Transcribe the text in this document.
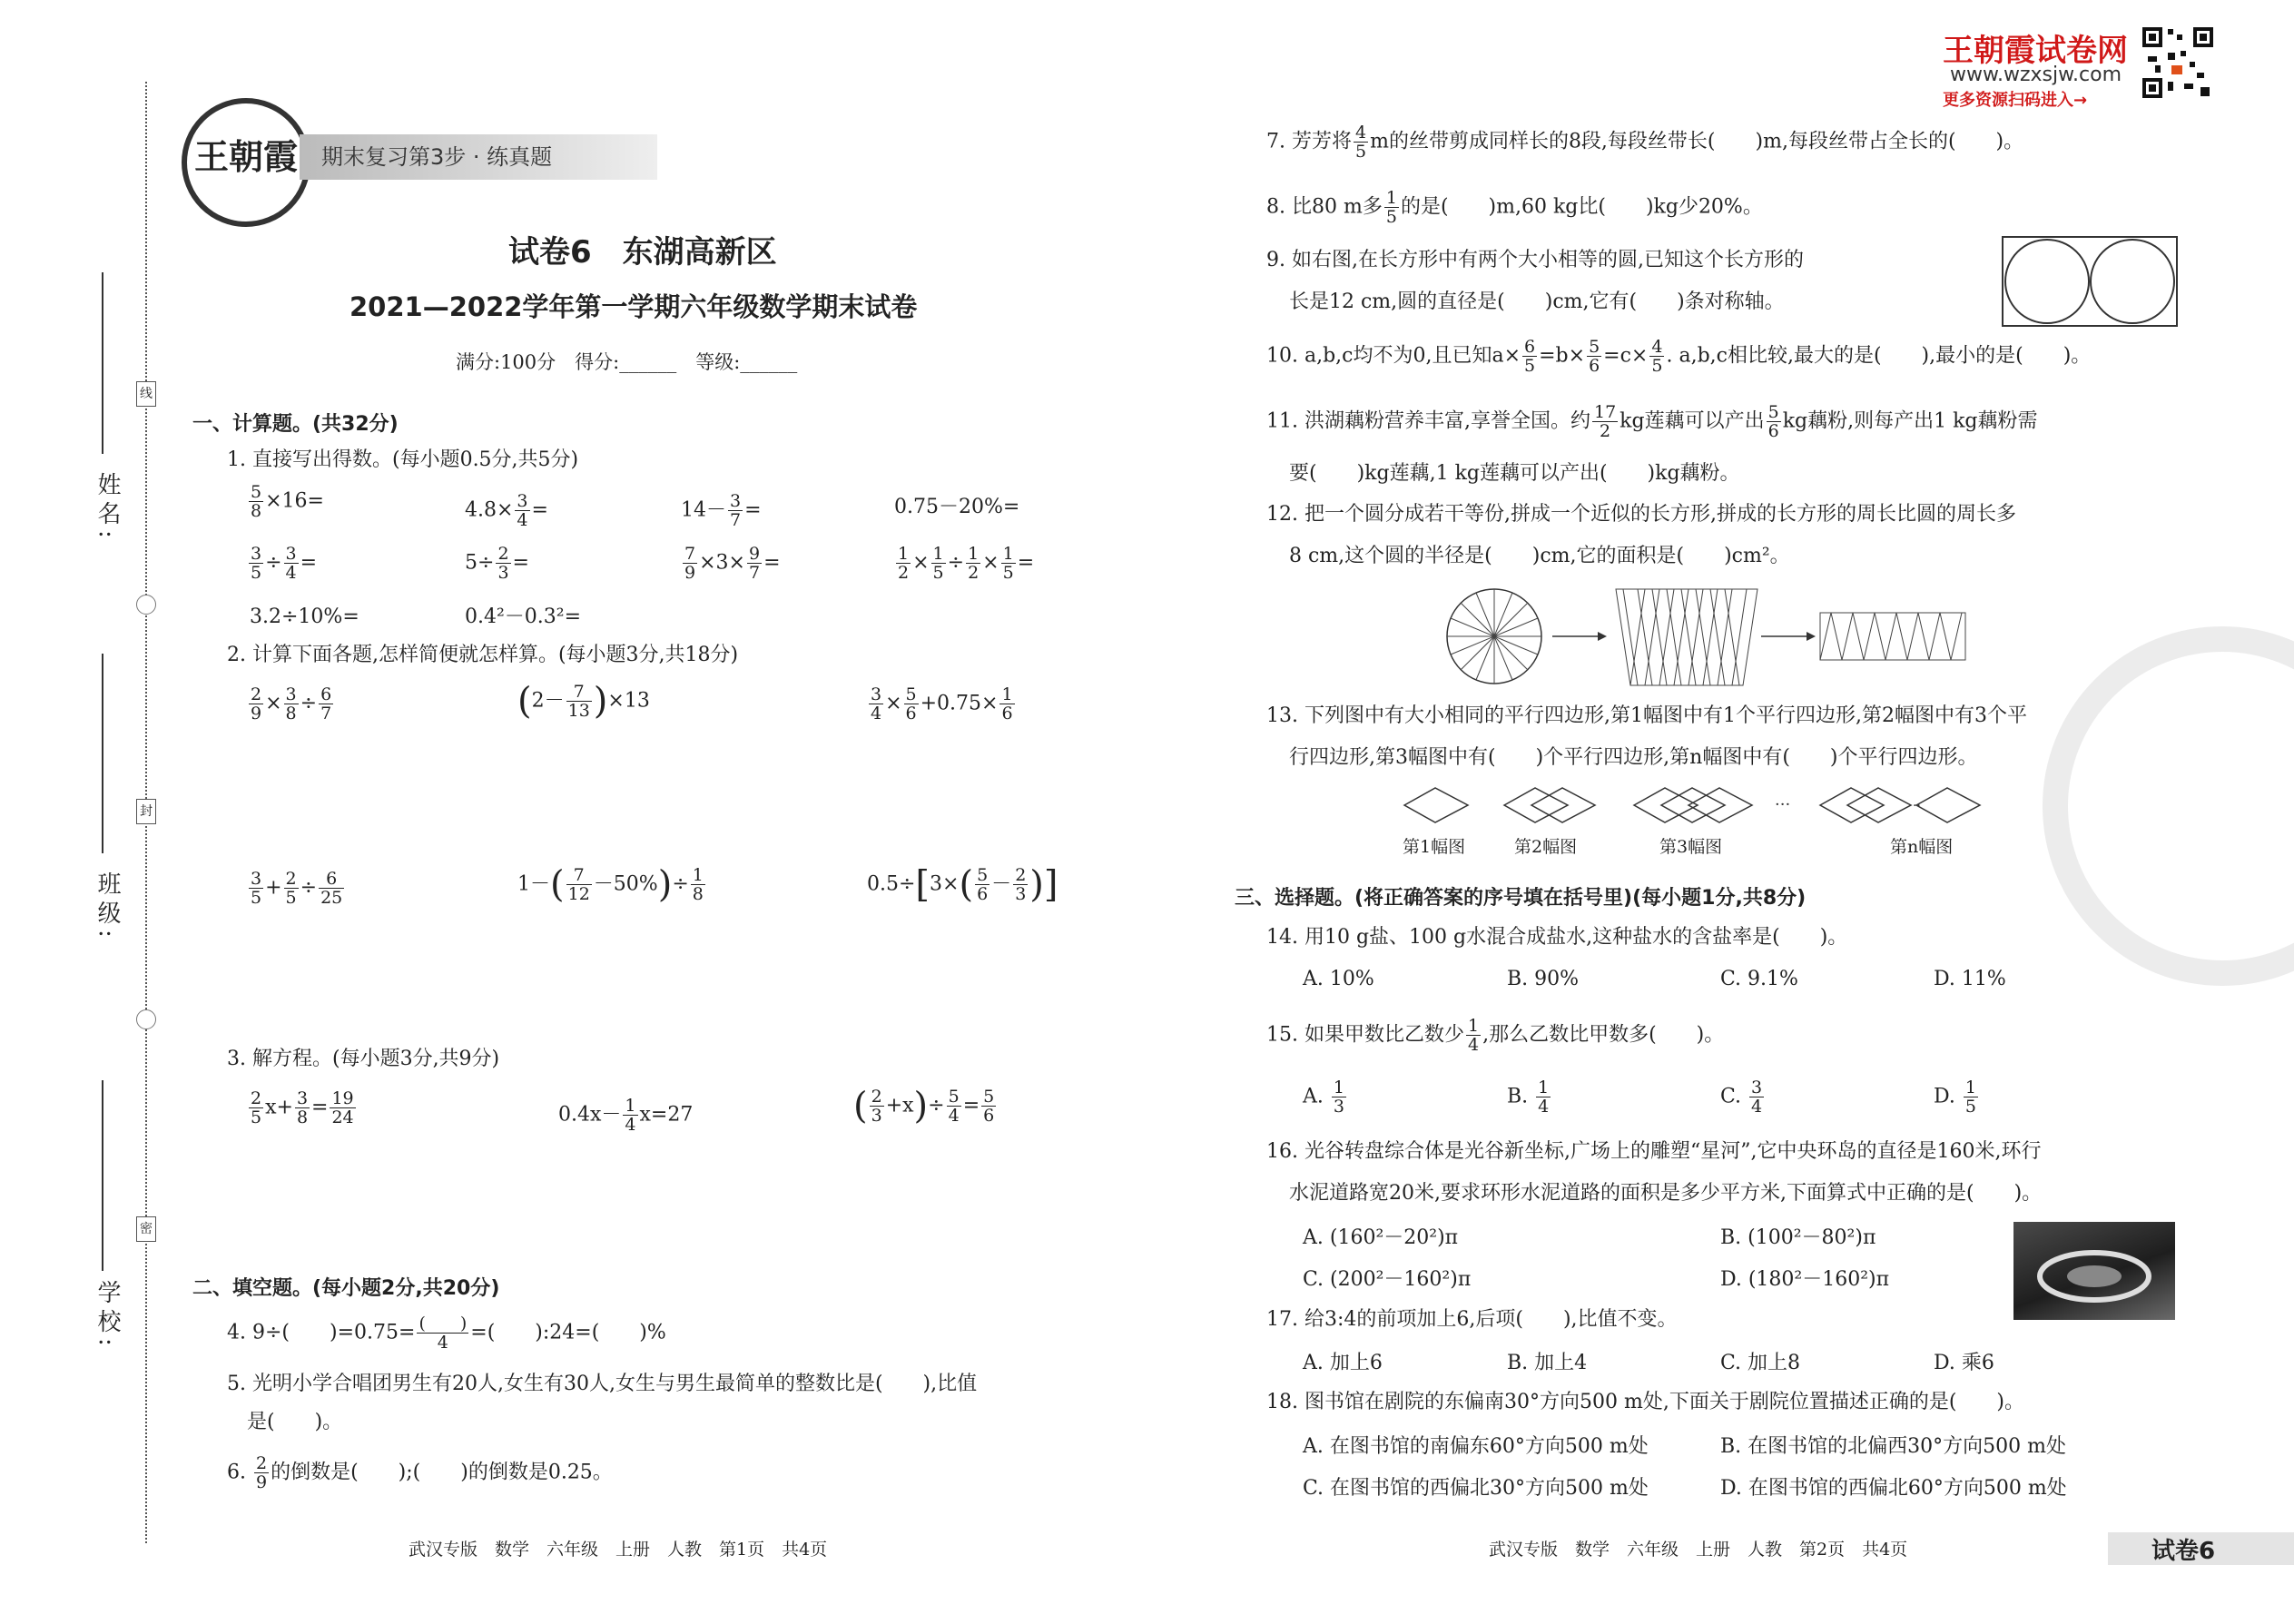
姓名:
班级:
学校:
线
封
密
王朝霞	期末复习第3步 · 练真题
试卷6　东湖高新区
2021—2022学年第一学期六年级数学期末试卷
满分:100分　得分:______　等级:______
一、计算题。(共32分)
1. 直接写出得数。(每小题0.5分,共5分)
$\frac{5}{8} \times 16=$	$4.8\times \frac{3}{4}$ =	$14- \frac{3}{7}$ =	0.75－20%=
$\frac{3}{5} \div \frac{3}{4}$ =	$5\div \frac{2}{3}$ =	$\frac{7}{9} \times 3\times \frac{9}{7}$ =	$\frac{1}{2} \times \frac{1}{5} \div \frac{1}{2} \times \frac{1}{5}$ =
3.2÷10%=	0.4²－0.3²=
2. 计算下面各题,怎样简便就怎样算。(每小题3分,共18分)
$\frac{2}{9} \times \frac{3}{8} \div \frac{6}{7}$	$(2- \frac{7}{13} )\times 13$	$\frac{3}{4} \times \frac{5}{6} +0.75\times \frac{1}{6}$
$\frac{3}{5} + \frac{2}{5} \div \frac{6}{25}$	$1-( \frac{7}{12} -50\%)\div \frac{1}{8}$	$0.5\div[3\times( \frac{5}{6} - \frac{2}{3}$ )]
3. 解方程。(每小题3分,共9分)
$\frac{2}{5} x+ \frac{3}{8} = \frac{19}{24}$	$0.4x- \frac{1}{4} x=27$	( $\frac{2}{3} +x)\div \frac{5}{4} = \frac{5}{6}$
二、填空题。(每小题2分,共20分)
4. 9÷(　　)$=0.75= \frac{( )}{4}$ =(　　):24=(　　)%
5. 光明小学合唱团男生有20人,女生有30人,女生与男生最简单的整数比是(　　),比值
是(　　)。
6. $\frac{2}{9}$ 的倒数是(　　);(　　)的倒数是0.25。
武汉专版　数学　六年级　上册　人教　第1页　共4页
王朝霞试卷网
www.wzxsjw.com
更多资源扫码进入→
7. 芳芳将 $\frac{4}{5}$ m的丝带剪成同样长的8段,每段丝带长(　　)m,每段丝带占全长的(　　)。
8. 比80 m多 $\frac{1}{5}$ 的是(　　)m,60 kg比(　　)kg少20%。
9. 如右图,在长方形中有两个大小相等的圆,已知这个长方形的
长是12 cm,圆的直径是(　　)cm,它有(　　)条对称轴。
10. a,b,c均不为0,且已知$a\times \frac{6}{5} =b\times \frac{5}{6} =c\times \frac{4}{5}$ . a,b,c相比较,最大的是(　　),最小的是(　　)。
11. 洪湖藕粉营养丰富,享誉全国。约 $\frac{17}{2}$ kg莲藕可以产出 $\frac{5}{6}$ kg藕粉,则每产出1 kg藕粉需
要(　　)kg莲藕,1 kg莲藕可以产出(　　)kg藕粉。
12. 把一个圆分成若干等份,拼成一个近似的长方形,拼成的长方形的周长比圆的周长多
8 cm,这个圆的半径是(　　)cm,它的面积是(　　)cm²。
13. 下列图中有大小相同的平行四边形,第1幅图中有1个平行四边形,第2幅图中有3个平
行四边形,第3幅图中有(　　)个平行四边形,第n幅图中有(　　)个平行四边形。
···	··
第1幅图	第2幅图	第3幅图	第n幅图
三、选择题。(将正确答案的序号填在括号里)(每小题1分,共8分)
14. 用10 g盐、100 g水混合成盐水,这种盐水的含盐率是(　　)。
A. 10%	B. 90%	C. 9.1%	D. 11%
15. 如果甲数比乙数少 $\frac{1}{4}$ ,那么乙数比甲数多(　　)。
A. $\frac{1}{3}$	B. $\frac{1}{4}$	C. $\frac{3}{4}$	D. $\frac{1}{5}$
16. 光谷转盘综合体是光谷新坐标,广场上的雕塑“星河”,它中央环岛的直径是160米,环行
水泥道路宽20米,要求环形水泥道路的面积是多少平方米,下面算式中正确的是(　　)。
A. (160²－20²)π	B. (100²－80²)π
C. (200²－160²)π	D. (180²－160²)π
17. 给3:4的前项加上6,后项(　　),比值不变。
A. 加上6	B. 加上4	C. 加上8	D. 乘6
18. 图书馆在剧院的东偏南30°方向500 m处,下面关于剧院位置描述正确的是(　　)。
A. 在图书馆的南偏东60°方向500 m处	B. 在图书馆的北偏西30°方向500 m处
C. 在图书馆的西偏北30°方向500 m处	D. 在图书馆的西偏北60°方向500 m处
武汉专版　数学　六年级　上册　人教　第2页　共4页	试卷6
